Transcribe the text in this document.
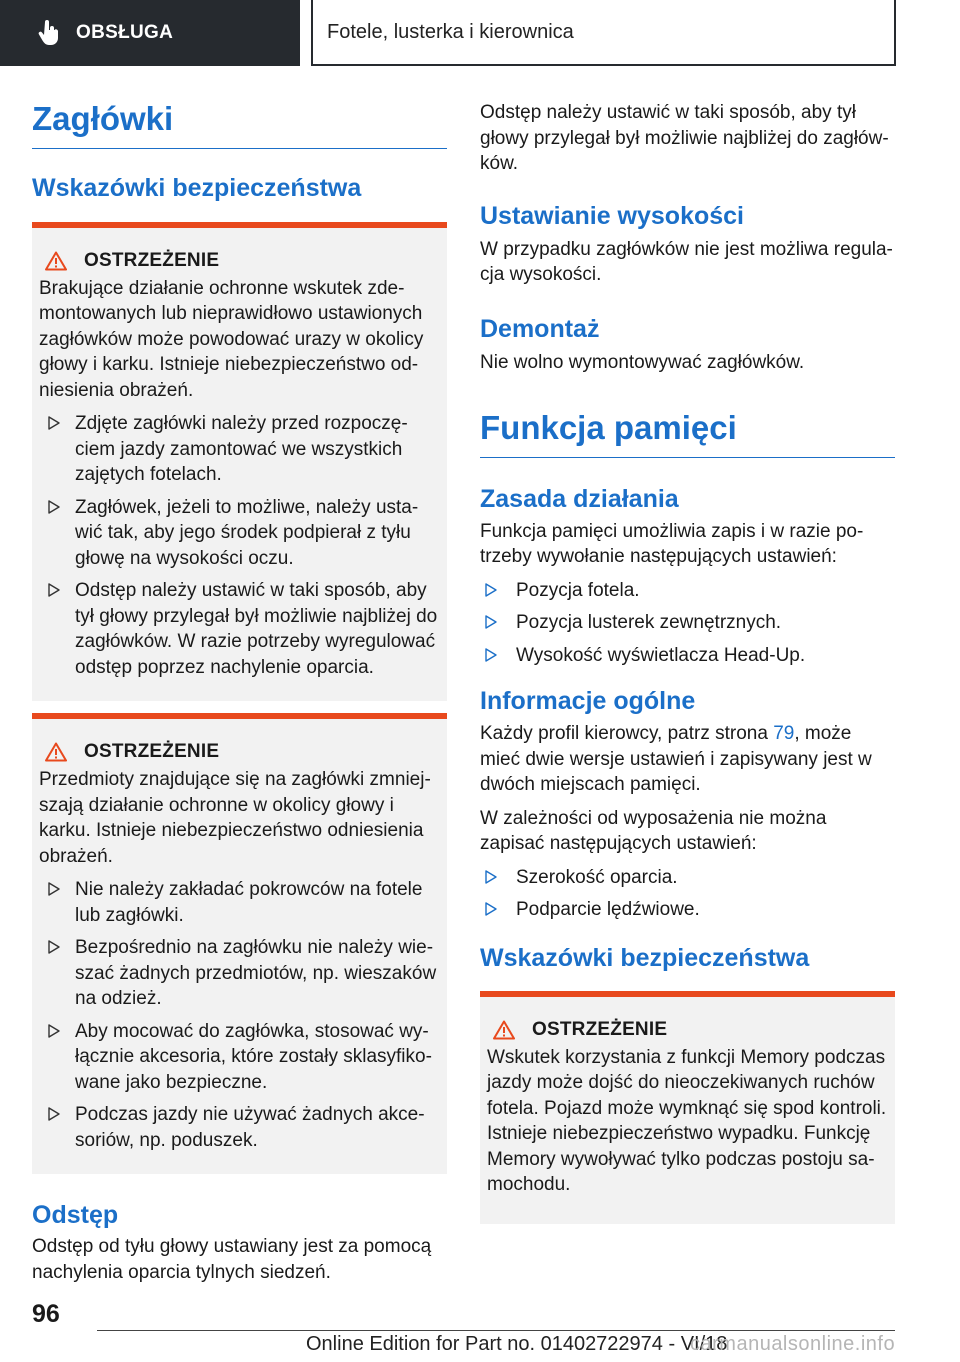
OBSŁUGA	Fotele, lusterka i kierownica
Zagłówki
Wskazówki bezpieczeństwa
OSTRZEŻENIE

Brakujące działanie ochronne wskutek zde-montowanych lub nieprawidłowo ustawionych zagłówków może powodować urazy w okolicy głowy i karku. Istnieje niebezpieczeństwo od-niesienia obrażeń.

Zdjęte zagłówki należy przed rozpoczę-ciem jazdy zamontować we wszystkich zajętych fotelach.
Zagłówek, jeżeli to możliwe, należy usta-wić tak, aby jego środek podpierał z tyłu głowę na wysokości oczu.
Odstęp należy ustawić w taki sposób, aby tył głowy przylegał był możliwie najbliżej do zagłówków. W razie potrzeby wyregulować odstęp poprzez nachylenie oparcia.
OSTRZEŻENIE

Przedmioty znajdujące się na zagłówki zmniej-szają działanie ochronne w okolicy głowy i karku. Istnieje niebezpieczeństwo odniesienia obrażeń.

Nie należy zakładać pokrowców na fotele lub zagłówki.
Bezpośrednio na zagłówku nie należy wie-szać żadnych przedmiotów, np. wieszaków na odzież.
Aby mocować do zagłówka, stosować wy-łącznie akcesoria, które zostały sklasyfiko-wane jako bezpieczne.
Podczas jazdy nie używać żadnych akce-soriów, np. poduszek.
Odstęp

Odstęp od tyłu głowy ustawiany jest za pomocą nachylenia oparcia tylnych siedzeń.

Odstęp należy ustawić w taki sposób, aby tył głowy przylegał był możliwie najbliżej do zagłów-ków.

Ustawianie wysokości

W przypadku zagłówków nie jest możliwa regula-cja wysokości.

Demontaż

Nie wolno wymontowywać zagłówków.

Funkcja pamięci
Zasada działania

Funkcja pamięci umożliwia zapis i w razie po-trzeby wywołanie następujących ustawień:

Pozycja fotela.
Pozycja lusterek zewnętrznych.
Wysokość wyświetlacza Head-Up.
Informacje ogólne

Każdy profil kierowcy, patrz strona 79, może mieć dwie wersje ustawień i zapisywany jest w dwóch miejscach pamięci.

W zależności od wyposażenia nie można zapisać następujących ustawień:

Szerokość oparcia.
Podparcie lędźwiowe.
Wskazówki bezpieczeństwa
OSTRZEŻENIE

Wskutek korzystania z funkcji Memory podczas jazdy może dojść do nieoczekiwanych ruchów fotela. Pojazd może wymknąć się spod kontroli. Istnieje niebezpieczeństwo wypadku. Funkcję Memory wywoływać tylko podczas postoju sa-mochodu.

96
Online Edition for Part no. 01402722974 - VI/18
carmanualsonline.info
